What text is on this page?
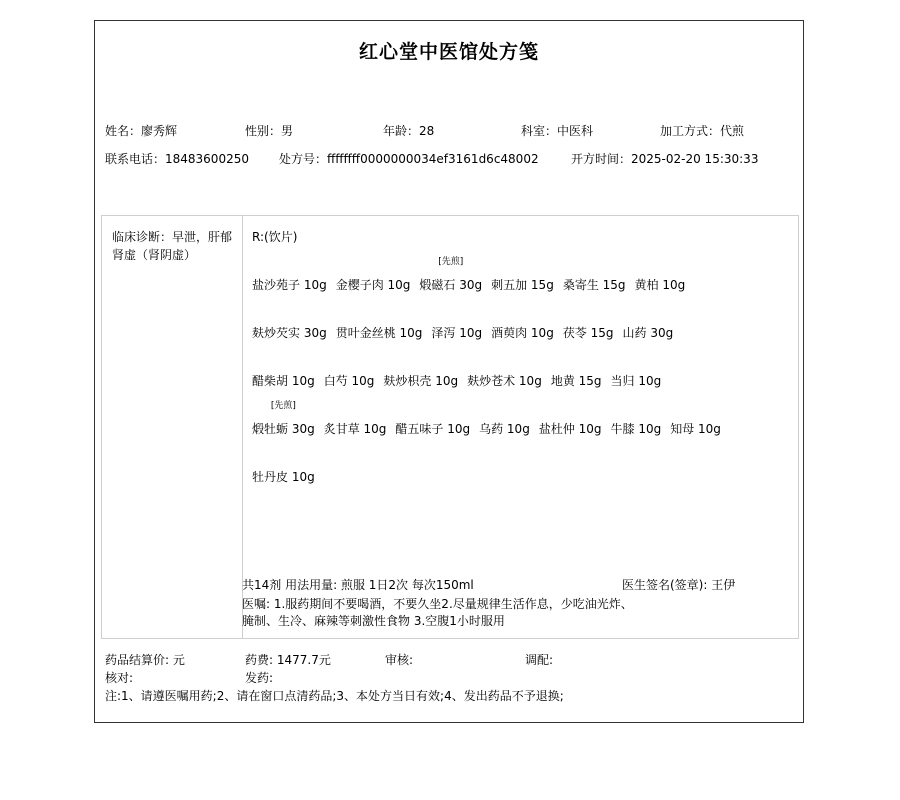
红心堂中医馆处方笺
姓名：廖秀辉	性别：男	年龄：28	科室：中医科	加工方式：代煎
联系电话：18483600250	处方号：ffffffff0000000034ef3161d6c48002	开方时间：2025-02-20 15:30:33
临床诊断：早泄，肝郁肾虚（肾阴虚）
R:(饮片)
盐沙苑子 10g 金樱子肉 10g 煅磁石 30g
[先煎]
刺五加 15g 桑寄生 15g 黄柏 10g
麸炒芡实 30g 贯叶金丝桃 10g 泽泻 10g 酒萸肉 10g 茯苓 15g 山药 30g
醋柴胡 10g 白芍 10g 麸炒枳壳 10g 麸炒苍术 10g 地黄 15g 当归 10g
煅牡蛎 30g
[先煎]
炙甘草 10g 醋五味子 10g 乌药 10g 盐杜仲 10g 牛膝 10g 知母 10g
牡丹皮 10g
共14剂 用法用量: 煎服 1日2次 每次150ml	医生签名(签章): 王伊
医嘱: 1.服药期间不要喝酒，不要久坐2.尽量规律生活作息，少吃油光炸、腌制、生冷、麻辣等刺激性食物 3.空腹1小时服用
药品结算价: 元	药费: 1477.7元	审核:	调配:
核对:	发药:
注:1、请遵医嘱用药;2、请在窗口点清药品;3、本处方当日有效;4、发出药品不予退换;
